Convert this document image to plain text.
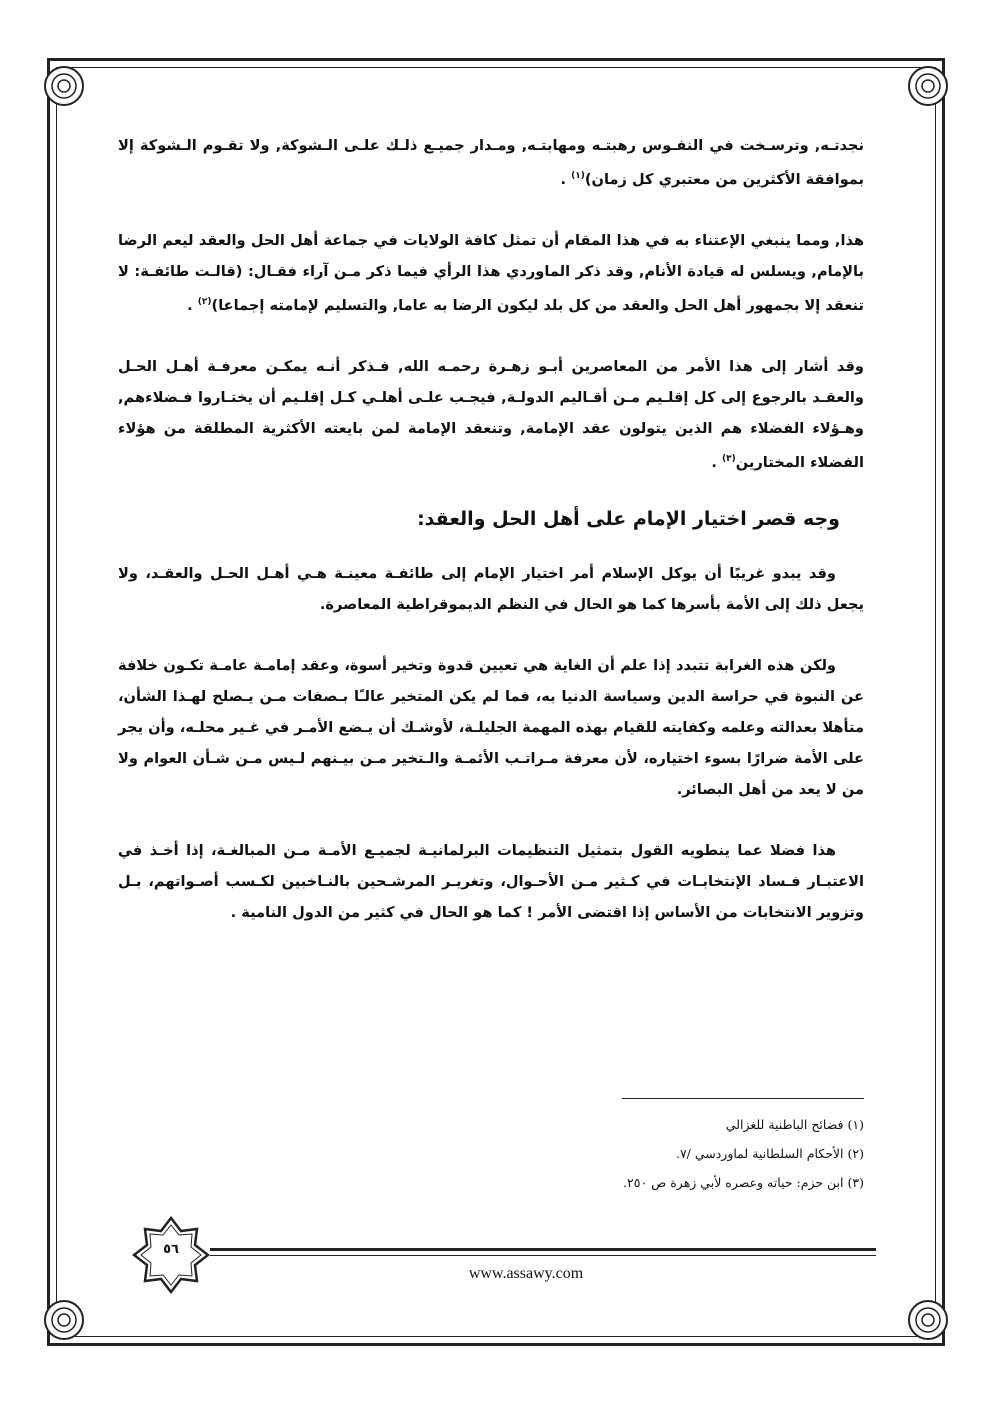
نجدتـه, وترسـخت في النفـوس رهبتـه ومهابتـه, ومـدار جميـع ذلـك علـى الـشوكة, ولا تقـوم الـشوكة إلا بموافقة الأكثرين من معتبري كل زمان)$^{(١)}$ .

هذا, ومما ينبغي الإعتناء به في هذا المقام أن تمثل كافة الولايات في جماعة أهل الحل والعقد ليعم الرضا بالإمام, ويسلس له قيادة الأنام, وقد ذكر الماوردي هذا الرأي فيما ذكر مـن آراء فقـال: (قالـت طائفـة: لا تنعقد إلا بجمهور أهل الحل والعقد من كل بلد ليكون الرضا به عاما, والتسليم لإمامته إجماعا)$^{(٢)}$ .

وقد أشار إلى هذا الأمر من المعاصرين أبـو زهـرة رحمـه الله, فـذكر أنـه يمكـن معرفـة أهـل الحـل والعقـد بالرجوع إلى كل إقلـيم مـن أقـاليم الدولـة, فيجـب علـى أهلـي كـل إقلـيم أن يختـاروا فـضلاءهم, وهـؤلاء الفضلاء هم الذين يتولون عقد الإمامة, وتنعقد الإمامة لمن بايعته الأكثرية المطلقة من هؤلاء الفضلاء المختارين$^{(٣)}$ .

وجه قصر اختيار الإمام على أهل الحل والعقد:

وقد يبدو غريبًا أن يوكل الإسلام أمر اختيار الإمام إلى طائفـة معينـة هـي أهـل الحـل والعقـد، ولا يجعل ذلك إلى الأمة بأسرها كما هو الحال في النظم الديموقراطية المعاصرة.

ولكن هذه الغرابة تتبدد إذا علم أن الغاية هي تعيين قدوة وتخير أسوة، وعقد إمامـة عامـة تكـون خلافة عن النبوة في حراسة الدين وسياسة الدنيا به، فما لم يكن المتخير عالـًا بـصفات مـن يـصلح لهـذا الشأن، متأهلا بعدالته وعلمه وكفايته للقيام بهذه المهمة الجليلـة، لأوشـك أن يـضع الأمـر في غـير محلـه، وأن يجر على الأمة ضرارًا بسوء اختياره، لأن معرفة مـراتـب الأئمـة والـتخير مـن بيـنهم لـيس مـن شـأن العوام ولا من لا يعد من أهل البصائر.

هذا فضلا عما ينطويه القول بتمثيل التنظيمات البرلمانيـة لجميـع الأمـة مـن المبالغـة، إذا أخـذ في الاعتبـار فـساد الإنتخابـات في كـثير مـن الأحـوال، وتغريـر المرشـحين بالنـاخبين لكـسب أصـواتهم، بـل وتزوير الانتخابات من الأساس إذا اقتضى الأمر ! كما هو الحال في كثير من الدول النامية .

(١) فضائح الباطنية للغزالي
(٢) الأحكام السلطانية لماوردسي /٧.
(٣) ابن حزم: حياته وعصره لأبي زهرة ص ٢٥٠.
٥٦
www.assawy.com
